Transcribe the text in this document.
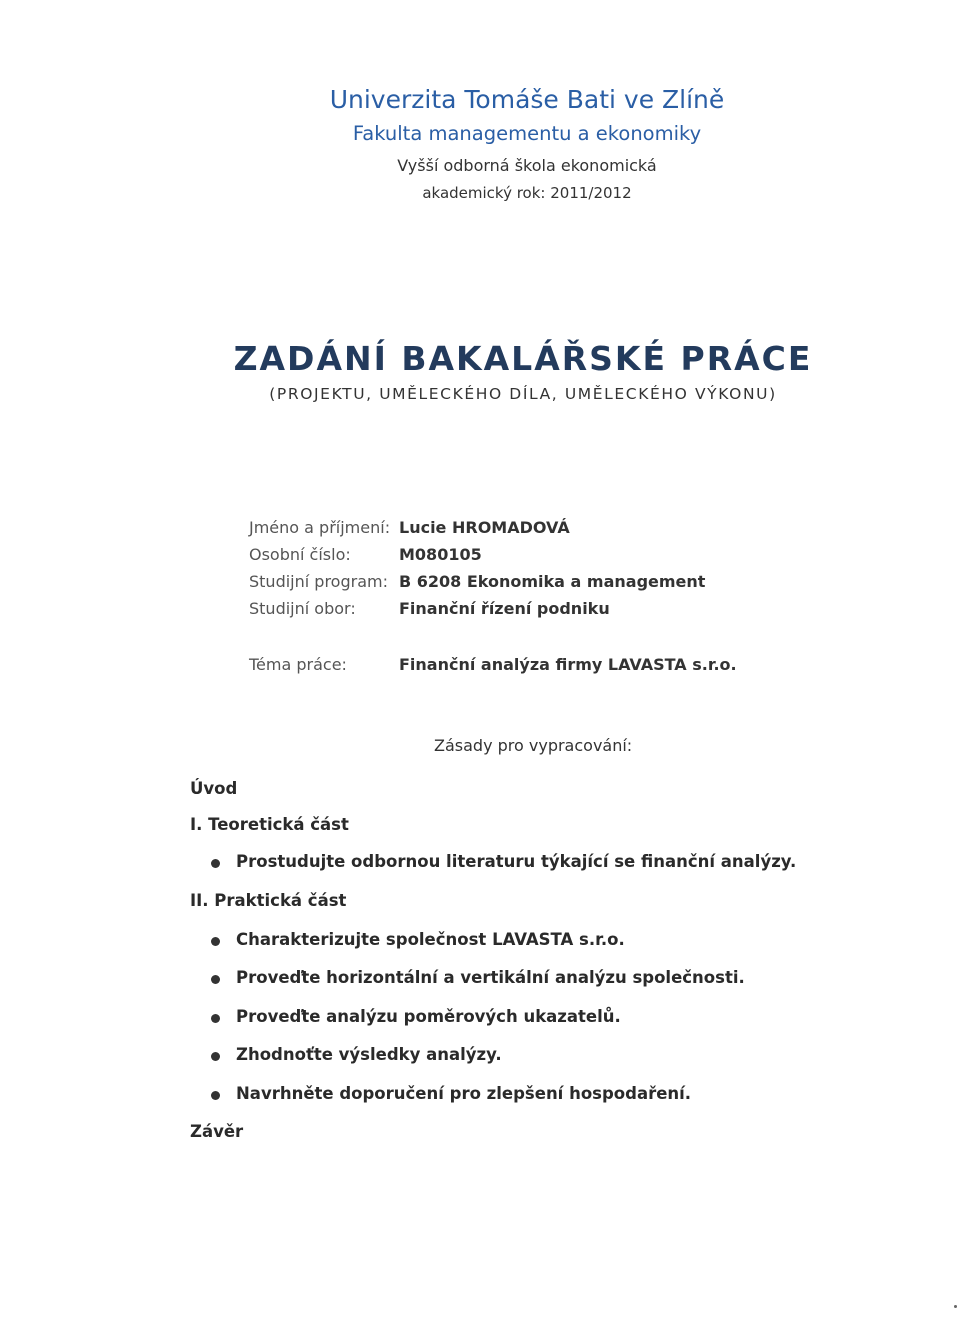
Univerzita Tomáše Bati ve Zlíně
Fakulta managementu a ekonomiky
Vyšší odborná škola ekonomická
akademický rok: 2011/2012
ZADÁNÍ BAKALÁŘSKÉ PRÁCE
(PROJEKTU, UMĚLECKÉHO DÍLA, UMĚLECKÉHO VÝKONU)
Jméno a příjmení: Lucie HROMADOVÁ
Osobní číslo:	M080105
Studijní program: B 6208 Ekonomika a management
Studijní obor:	Finanční řízení podniku
Téma práce:	Finanční analýza firmy LAVASTA s.r.o.
Zásady pro vypracování:
Úvod
I. Teoretická část
Prostudujte odbornou literaturu týkající se finanční analýzy.
II. Praktická část
Charakterizujte společnost LAVASTA s.r.o.
Proveďte horizontální a vertikální analýzu společnosti.
Proveďte analýzu poměrových ukazatelů.
Zhodnoťte výsledky analýzy.
Navrhněte doporučení pro zlepšení hospodaření.
Závěr
